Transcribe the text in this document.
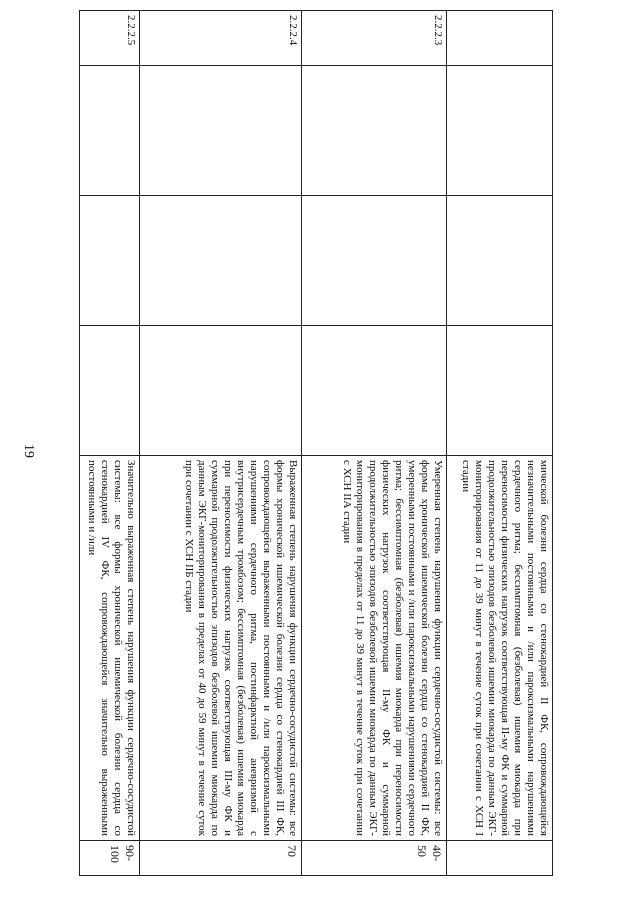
19

				мической болезни сердца со стенокардией II ФК, сопровождающейся незначительными постоянными и /или пароксизмальными нарушениями сердечного ритма; бессимптомная (безболевая) ишемия миокарда при переносимости физических нагрузок соответствующая II-му ФК и суммарной продолжительностью эпизодов безболевой ишемии миокарда по данным ЭКГ-мониторирования от 11 до 39 минут в течение суток при сочетании с ХСН I стадии	

2.2.2.3				Умеренная степень нарушения функции сердечно-сосудистой системы: все формы хронической ишемической болезни сердца со стенокардией II ФК, умеренными постоянными и /или пароксизмальными нарушениями сердечного ритма; бессимптомная (безболевая) ишемия миокарда при переносимости физических нагрузок соответствующая II-му ФК и суммарной продолжительностью эпизодов безболевой ишемии миокарда по данным ЭКГ-мониторирования в пределах от 11 до 39 минут в течение суток при сочетании с ХСН IIА стадии	40-50
2.2.2.4				Выраженная степень нарушения функции сердечно-сосудистой системы: все формы хронической ишемической болезни сердца со стенокардией III ФК, сопровождающейся выраженными постоянными и /или пароксизмальными нарушениями сердечного ритма, постинфарктной аневризмой с внутрисердечным тромбозом; бессимптомная (безболевая) ишемия миокарда при переносимости физических нагрузок соответствующая III-му ФК и суммарной продолжительностью эпизодов безболевой ишемии миокарда по данным ЭКГ-мониторирования в пределах от 40 до 59 минут в течение суток при сочетании с ХСН IIБ стадии	70
2.2.2.5				Значительно выраженная степень нарушения функции сердечно-сосудистой системы: все формы хронической ишемической болезни сердца со стенокардией IV ФК, сопровождающейся значительно выраженными постоянными и /или	90-100
